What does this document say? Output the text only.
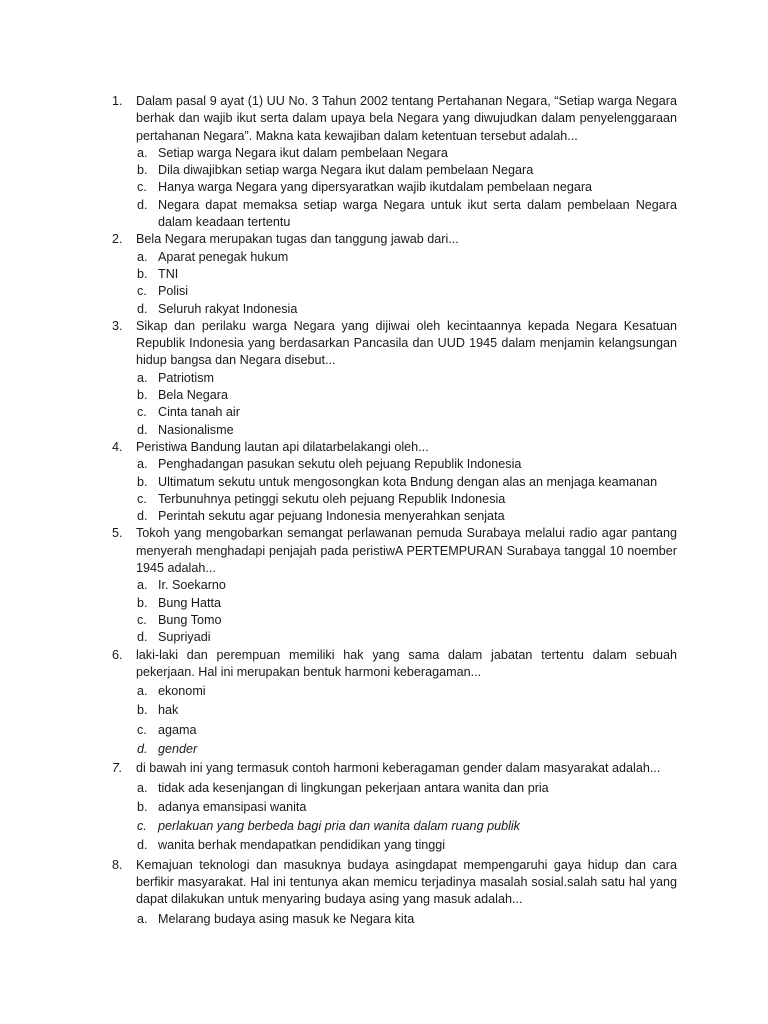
1.	Dalam pasal 9 ayat (1) UU No. 3 Tahun 2002 tentang Pertahanan Negara, “Setiap warga Negara berhak dan wajib ikut serta dalam upaya bela Negara yang diwujudkan dalam penyelenggaraan pertahanan Negara”. Makna kata kewajiban dalam ketentuan tersebut adalah...
a. Setiap warga Negara ikut dalam pembelaan Negara
b. Dila diwajibkan setiap warga Negara ikut dalam pembelaan Negara
c. Hanya warga Negara yang dipersyaratkan wajib ikutdalam pembelaan negara
d. Negara dapat memaksa setiap warga Negara untuk ikut serta dalam pembelaan Negara dalam keadaan tertentu
2.	Bela Negara merupakan tugas dan tanggung jawab dari...
a. Aparat penegak hukum
b. TNI
c. Polisi
d. Seluruh rakyat Indonesia
3.	Sikap dan perilaku warga Negara yang dijiwai oleh kecintaannya kepada Negara Kesatuan Republik Indonesia yang berdasarkan Pancasila dan UUD 1945 dalam menjamin kelangsungan hidup bangsa dan Negara disebut...
a. Patriotism
b. Bela Negara
c. Cinta tanah air
d. Nasionalisme
4.	Peristiwa Bandung lautan api dilatarbelakangi oleh...
a. Penghadangan pasukan sekutu oleh pejuang Republik Indonesia
b. Ultimatum sekutu untuk mengosongkan kota Bndung dengan alas an menjaga keamanan
c. Terbunuhnya petinggi sekutu oleh pejuang Republik Indonesia
d. Perintah sekutu agar pejuang Indonesia menyerahkan senjata
5.	Tokoh yang mengobarkan semangat perlawanan pemuda Surabaya melalui radio agar pantang menyerah menghadapi penjajah pada peristiwA PERTEMPURAN Surabaya tanggal 10 noember 1945 adalah...
a. Ir. Soekarno
b. Bung Hatta
c. Bung Tomo
d. Supriyadi
6.	laki-laki dan perempuan memiliki hak yang sama dalam jabatan tertentu dalam sebuah pekerjaan. Hal ini merupakan bentuk harmoni keberagaman...
a. ekonomi
b. hak
c. agama
d. gender
7.	di bawah ini yang termasuk contoh harmoni keberagaman gender dalam masyarakat adalah...
a. tidak ada kesenjangan di lingkungan pekerjaan antara wanita dan pria
b. adanya emansipasi wanita
c. perlakuan yang berbeda bagi pria dan wanita dalam ruang publik
d. wanita berhak mendapatkan pendidikan yang tinggi
8.	Kemajuan teknologi dan masuknya budaya asingdapat mempengaruhi gaya hidup dan cara berfikir masyarakat. Hal ini tentunya akan memicu terjadinya masalah sosial.salah satu hal yang dapat dilakukan untuk menyaring budaya asing yang masuk adalah...
a. Melarang budaya asing masuk ke Negara kita
